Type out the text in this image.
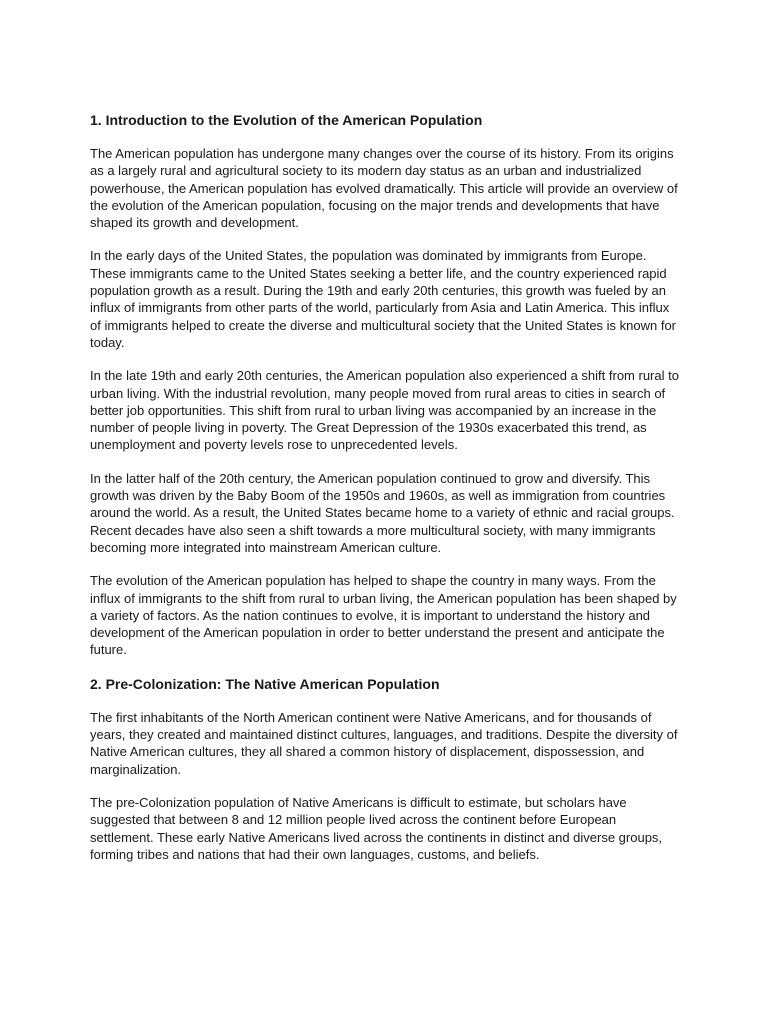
1. Introduction to the Evolution of the American Population

The American population has undergone many changes over the course of its history. From its origins as a largely rural and agricultural society to its modern day status as an urban and industrialized powerhouse, the American population has evolved dramatically. This article will provide an overview of the evolution of the American population, focusing on the major trends and developments that have shaped its growth and development.

In the early days of the United States, the population was dominated by immigrants from Europe. These immigrants came to the United States seeking a better life, and the country experienced rapid population growth as a result. During the 19th and early 20th centuries, this growth was fueled by an influx of immigrants from other parts of the world, particularly from Asia and Latin America. This influx of immigrants helped to create the diverse and multicultural society that the United States is known for today.

In the late 19th and early 20th centuries, the American population also experienced a shift from rural to urban living. With the industrial revolution, many people moved from rural areas to cities in search of better job opportunities. This shift from rural to urban living was accompanied by an increase in the number of people living in poverty. The Great Depression of the 1930s exacerbated this trend, as unemployment and poverty levels rose to unprecedented levels.

In the latter half of the 20th century, the American population continued to grow and diversify. This growth was driven by the Baby Boom of the 1950s and 1960s, as well as immigration from countries around the world. As a result, the United States became home to a variety of ethnic and racial groups. Recent decades have also seen a shift towards a more multicultural society, with many immigrants becoming more integrated into mainstream American culture.

The evolution of the American population has helped to shape the country in many ways. From the influx of immigrants to the shift from rural to urban living, the American population has been shaped by a variety of factors. As the nation continues to evolve, it is important to understand the history and development of the American population in order to better understand the present and anticipate the future.

2. Pre-Colonization: The Native American Population

The first inhabitants of the North American continent were Native Americans, and for thousands of years, they created and maintained distinct cultures, languages, and traditions. Despite the diversity of Native American cultures, they all shared a common history of displacement, dispossession, and marginalization.

The pre-Colonization population of Native Americans is difficult to estimate, but scholars have suggested that between 8 and 12 million people lived across the continent before European settlement. These early Native Americans lived across the continents in distinct and diverse groups, forming tribes and nations that had their own languages, customs, and beliefs.
